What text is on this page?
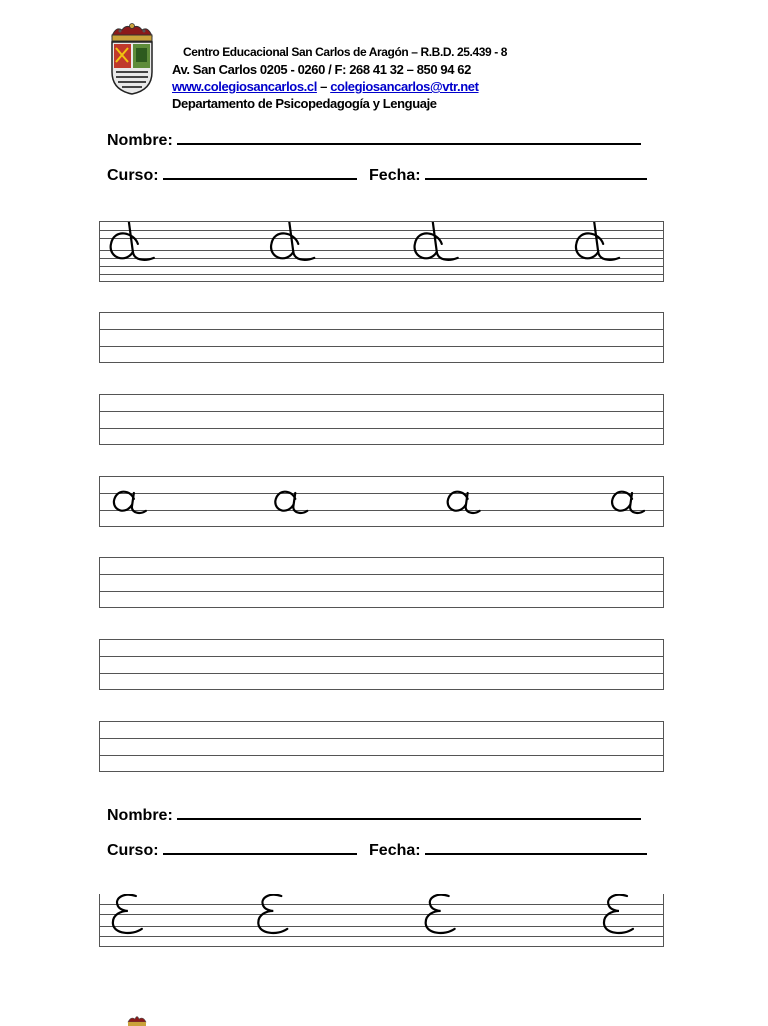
Centro Educacional San Carlos de Aragón – R.B.D. 25.439 - 8
Av. San Carlos 0205 - 0260 / F: 268 41 32 – 850 94 62
www.colegiosancarlos.cl – colegiosancarlos@vtr.net
Departamento de Psicopedagogía y Lenguaje
Nombre:
Curso:	Fecha:
Nombre:
Curso:	Fecha:
